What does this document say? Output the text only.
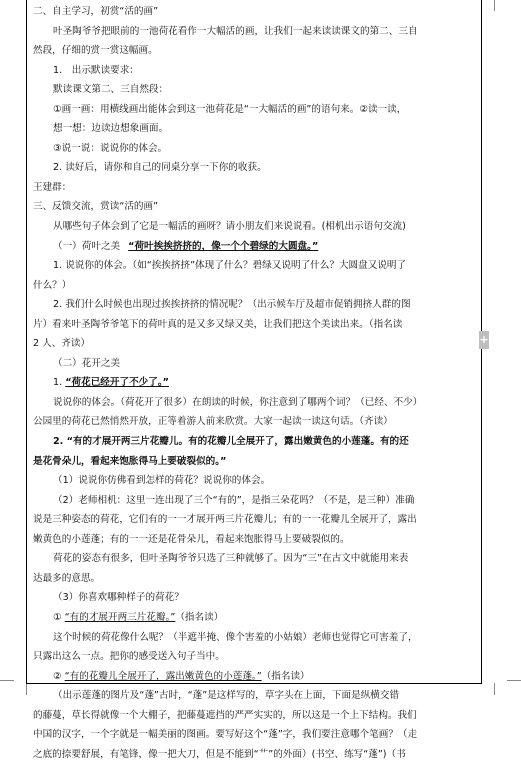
二、自主学习，初赏“活的画”
叶圣陶爷爷把眼前的一池荷花看作一大幅活的画，让我们一起来读读课文的第二、三自
然段，仔细的赏一赏这幅画。
1.　出示默读要求：
默读课文第二、三自然段：
①画一画：用横线画出能体会到这一池荷花是“一大幅活的画”的语句来。②读一读，
想一想：边读边想象画面。
③说一说：说说你的体会。
2. 读好后，请你和自己的同桌分享一下你的收获。
王建群：
三、反馈交流，赏读“活的画”
从哪些句子体会到了它是一幅活的画呀？请小朋友们来说说看。(相机出示语句交流)
（一）荷叶之美 “荷叶挨挨挤挤的，像一个个碧绿的大圆盘。”
1. 说说你的体会。（如“挨挨挤挤”体现了什么？碧绿又说明了什么？大圆盘又说明了
什么？）
2. 我们什么时候也出现过挨挨挤挤的情况呢？（出示候车厅及超市促销拥挤人群的图
片）看来叶圣陶爷爷笔下的荷叶真的是又多又绿又美，让我们把这个美读出来。（指名读
2 人、齐读）
（二）花开之美
1. “荷花已经开了不少了。”
说说你的体会。（荷花开了很多）在朗读的时候，你注意到了哪两个词？（已经、不少）
公园里的荷花已然悄然开放，正等着游人前来欣赏。大家一起读一读这句话。（齐读）
2. “有的才展开两三片花瓣儿。有的花瓣儿全展开了，露出嫩黄色的小莲蓬。有的还
是花骨朵儿，看起来饱胀得马上要破裂似的。”
（1）说说你仿佛看到怎样的荷花？说说你的体会。
（2）老师相机：这里一连出现了三个“有的”，是指三朵花吗？（不是，是三种）准确
说是三种姿态的荷花，它们有的一一才展开两三片花瓣儿；有的一一花瓣儿全展开了，露出
嫩黄色的小莲蓬；有的一一还是花骨朵儿，看起来饱胀得马上要破裂似的。
荷花的姿态有很多，但叶圣陶爷爷只选了三种就够了。因为“三”在古文中就能用来表
达最多的意思。
（3）你喜欢哪种样子的荷花？
① “有的才展开两三片花瓣。”（指名读）
这个时候的荷花像什么呢？（半遮半掩、像个害羞的小姑娘）老师也觉得它可害羞了，
只露出这么一点。把你的感受送入句子当中。
② “有的花瓣儿全展开了，露出嫩黄色的小莲蓬。”（指名读）
（出示莲蓬的图片及“蓬”古时，“蓬”是这样写的，草字头在上面，下面是纵横交错
的藤蔓，草长得就像一个大棚子，把藤蔓遮挡的严严实实的，所以这是一个上下结构。我们
中国的汉字，一个字就是一幅美丽的图画。要写好这个“蓬”字，我们要注意哪个笔画？（走
之底的捺要舒展，有笔锋，像一把大刀，但是不能到“艹”的外面）(书空、练写“蓬”)（书
+
